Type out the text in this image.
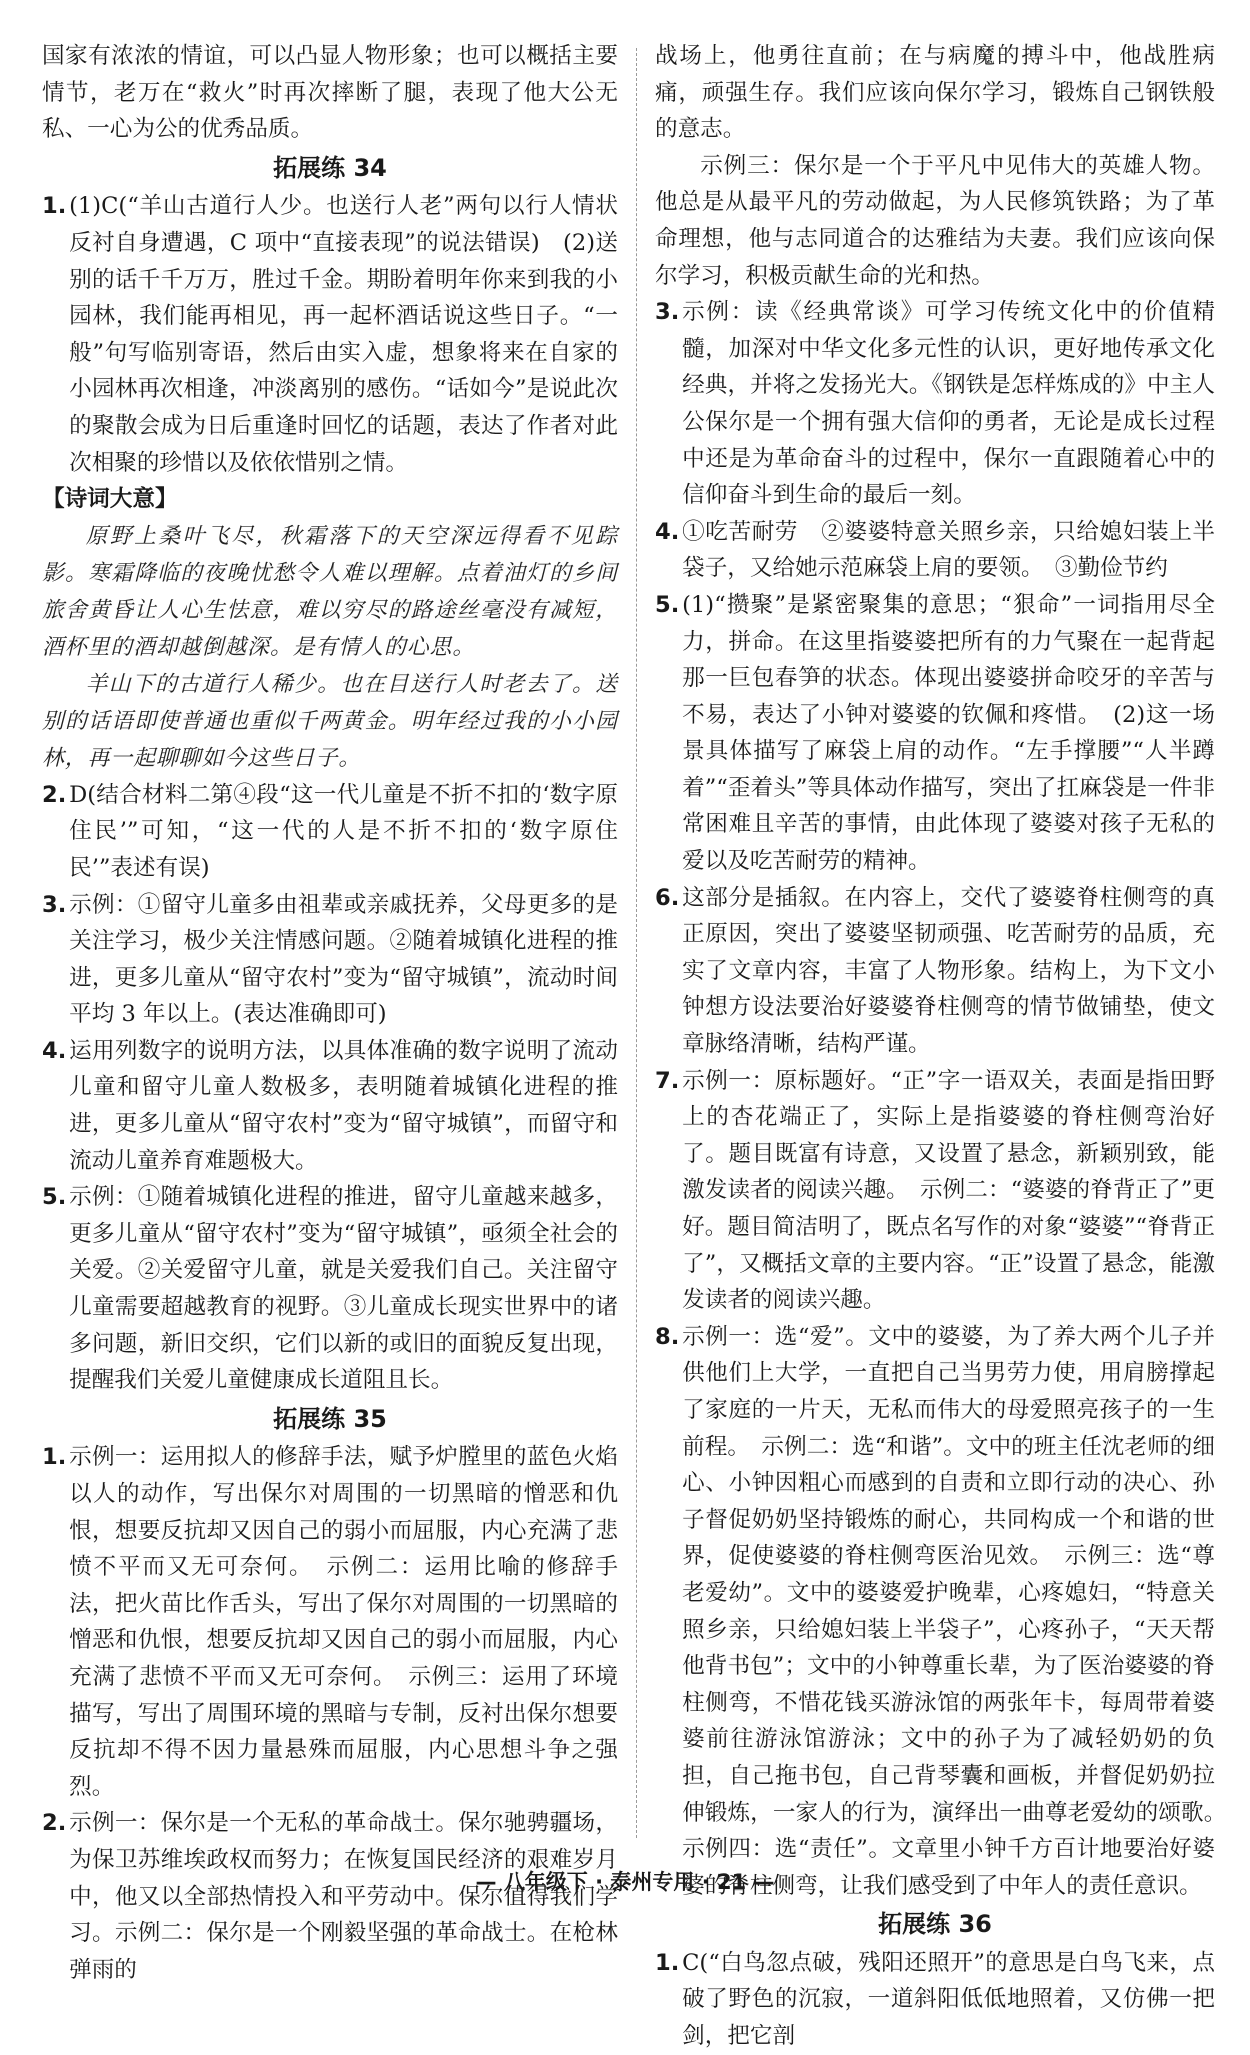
国家有浓浓的情谊，可以凸显人物形象；也可以概括主要情节，老万在“救火”时再次摔断了腿，表现了他大公无私、一心为公的优秀品质。

拓展练 34
1. (1)C(“羊山古道行人少。也送行人老”两句以行人情状反衬自身遭遇，C 项中“直接表现”的说法错误)　(2)送别的话千千万万，胜过千金。期盼着明年你来到我的小园林，我们能再相见，再一起杯酒话说这些日子。“一般”句写临别寄语，然后由实入虚，想象将来在自家的小园林再次相逢，冲淡离别的感伤。“话如今”是说此次的聚散会成为日后重逢时回忆的话题，表达了作者对此次相聚的珍惜以及依依惜别之情。

【诗词大意】

原野上桑叶飞尽，秋霜落下的天空深远得看不见踪影。寒霜降临的夜晚忧愁令人难以理解。点着油灯的乡间旅舍黄昏让人心生怯意，难以穷尽的路途丝毫没有减短，酒杯里的酒却越倒越深。是有情人的心思。

羊山下的古道行人稀少。也在目送行人时老去了。送别的话语即使普通也重似千两黄金。明年经过我的小小园林，再一起聊聊如今这些日子。

2. D(结合材料二第④段“这一代儿童是不折不扣的‘数字原住民’”可知，“这一代的人是不折不扣的‘数字原住民’”表述有误)
3. 示例：①留守儿童多由祖辈或亲戚抚养，父母更多的是关注学习，极少关注情感问题。②随着城镇化进程的推进，更多儿童从“留守农村”变为“留守城镇”，流动时间平均 3 年以上。(表达准确即可)
4. 运用列数字的说明方法，以具体准确的数字说明了流动儿童和留守儿童人数极多，表明随着城镇化进程的推进，更多儿童从“留守农村”变为“留守城镇”，而留守和流动儿童养育难题极大。
5. 示例：①随着城镇化进程的推进，留守儿童越来越多，更多儿童从“留守农村”变为“留守城镇”，亟须全社会的关爱。②关爱留守儿童，就是关爱我们自己。关注留守儿童需要超越教育的视野。③儿童成长现实世界中的诸多问题，新旧交织，它们以新的或旧的面貌反复出现，提醒我们关爱儿童健康成长道阻且长。
拓展练 35
1. 示例一：运用拟人的修辞手法，赋予炉膛里的蓝色火焰以人的动作，写出保尔对周围的一切黑暗的憎恶和仇恨，想要反抗却又因自己的弱小而屈服，内心充满了悲愤不平而又无可奈何。　示例二：运用比喻的修辞手法，把火苗比作舌头，写出了保尔对周围的一切黑暗的憎恶和仇恨，想要反抗却又因自己的弱小而屈服，内心充满了悲愤不平而又无可奈何。　示例三：运用了环境描写，写出了周围环境的黑暗与专制，反衬出保尔想要反抗却不得不因力量悬殊而屈服，内心思想斗争之强烈。
2. 示例一：保尔是一个无私的革命战士。保尔驰骋疆场，为保卫苏维埃政权而努力；在恢复国民经济的艰难岁月中，他又以全部热情投入和平劳动中。保尔值得我们学习。示例二：保尔是一个刚毅坚强的革命战士。在枪林弹雨的

战场上，他勇往直前；在与病魔的搏斗中，他战胜病痛，顽强生存。我们应该向保尔学习，锻炼自己钢铁般的意志。

示例三：保尔是一个于平凡中见伟大的英雄人物。他总是从最平凡的劳动做起，为人民修筑铁路；为了革命理想，他与志同道合的达雅结为夫妻。我们应该向保尔学习，积极贡献生命的光和热。

3. 示例：读《经典常谈》可学习传统文化中的价值精髓，加深对中华文化多元性的认识，更好地传承文化经典，并将之发扬光大。《钢铁是怎样炼成的》中主人公保尔是一个拥有强大信仰的勇者，无论是成长过程中还是为革命奋斗的过程中，保尔一直跟随着心中的信仰奋斗到生命的最后一刻。
4. ①吃苦耐劳　②婆婆特意关照乡亲，只给媳妇装上半袋子，又给她示范麻袋上肩的要领。　③勤俭节约
5. (1)“攒聚”是紧密聚集的意思；“狠命”一词指用尽全力，拼命。在这里指婆婆把所有的力气聚在一起背起那一巨包春笋的状态。体现出婆婆拼命咬牙的辛苦与不易，表达了小钟对婆婆的钦佩和疼惜。　(2)这一场景具体描写了麻袋上肩的动作。“左手撑腰”“人半蹲着”“歪着头”等具体动作描写，突出了扛麻袋是一件非常困难且辛苦的事情，由此体现了婆婆对孩子无私的爱以及吃苦耐劳的精神。
6. 这部分是插叙。在内容上，交代了婆婆脊柱侧弯的真正原因，突出了婆婆坚韧顽强、吃苦耐劳的品质，充实了文章内容，丰富了人物形象。结构上，为下文小钟想方设法要治好婆婆脊柱侧弯的情节做铺垫，使文章脉络清晰，结构严谨。
7. 示例一：原标题好。“正”字一语双关，表面是指田野上的杏花端正了，实际上是指婆婆的脊柱侧弯治好了。题目既富有诗意，又设置了悬念，新颖别致，能激发读者的阅读兴趣。　示例二：“婆婆的脊背正了”更好。题目简洁明了，既点名写作的对象“婆婆”“脊背正了”，又概括文章的主要内容。“正”设置了悬念，能激发读者的阅读兴趣。
8. 示例一：选“爱”。文中的婆婆，为了养大两个儿子并供他们上大学，一直把自己当男劳力使，用肩膀撑起了家庭的一片天，无私而伟大的母爱照亮孩子的一生前程。　示例二：选“和谐”。文中的班主任沈老师的细心、小钟因粗心而感到的自责和立即行动的决心、孙子督促奶奶坚持锻炼的耐心，共同构成一个和谐的世界，促使婆婆的脊柱侧弯医治见效。　示例三：选“尊老爱幼”。文中的婆婆爱护晚辈，心疼媳妇，“特意关照乡亲，只给媳妇装上半袋子”，心疼孙子，“天天帮他背书包”；文中的小钟尊重长辈，为了医治婆婆的脊柱侧弯，不惜花钱买游泳馆的两张年卡，每周带着婆婆前往游泳馆游泳；文中的孙子为了减轻奶奶的负担，自己拖书包，自己背琴囊和画板，并督促奶奶拉伸锻炼，一家人的行为，演绎出一曲尊老爱幼的颂歌。　示例四：选“责任”。文章里小钟千方百计地要治好婆婆的脊柱侧弯，让我们感受到了中年人的责任意识。
拓展练 36
1. C(“白鸟忽点破，残阳还照开”的意思是白鸟飞来，点破了野色的沉寂，一道斜阳低低地照着，又仿佛一把剑，把它剖
— 八年级下 · 泰州专用 · 21 —
